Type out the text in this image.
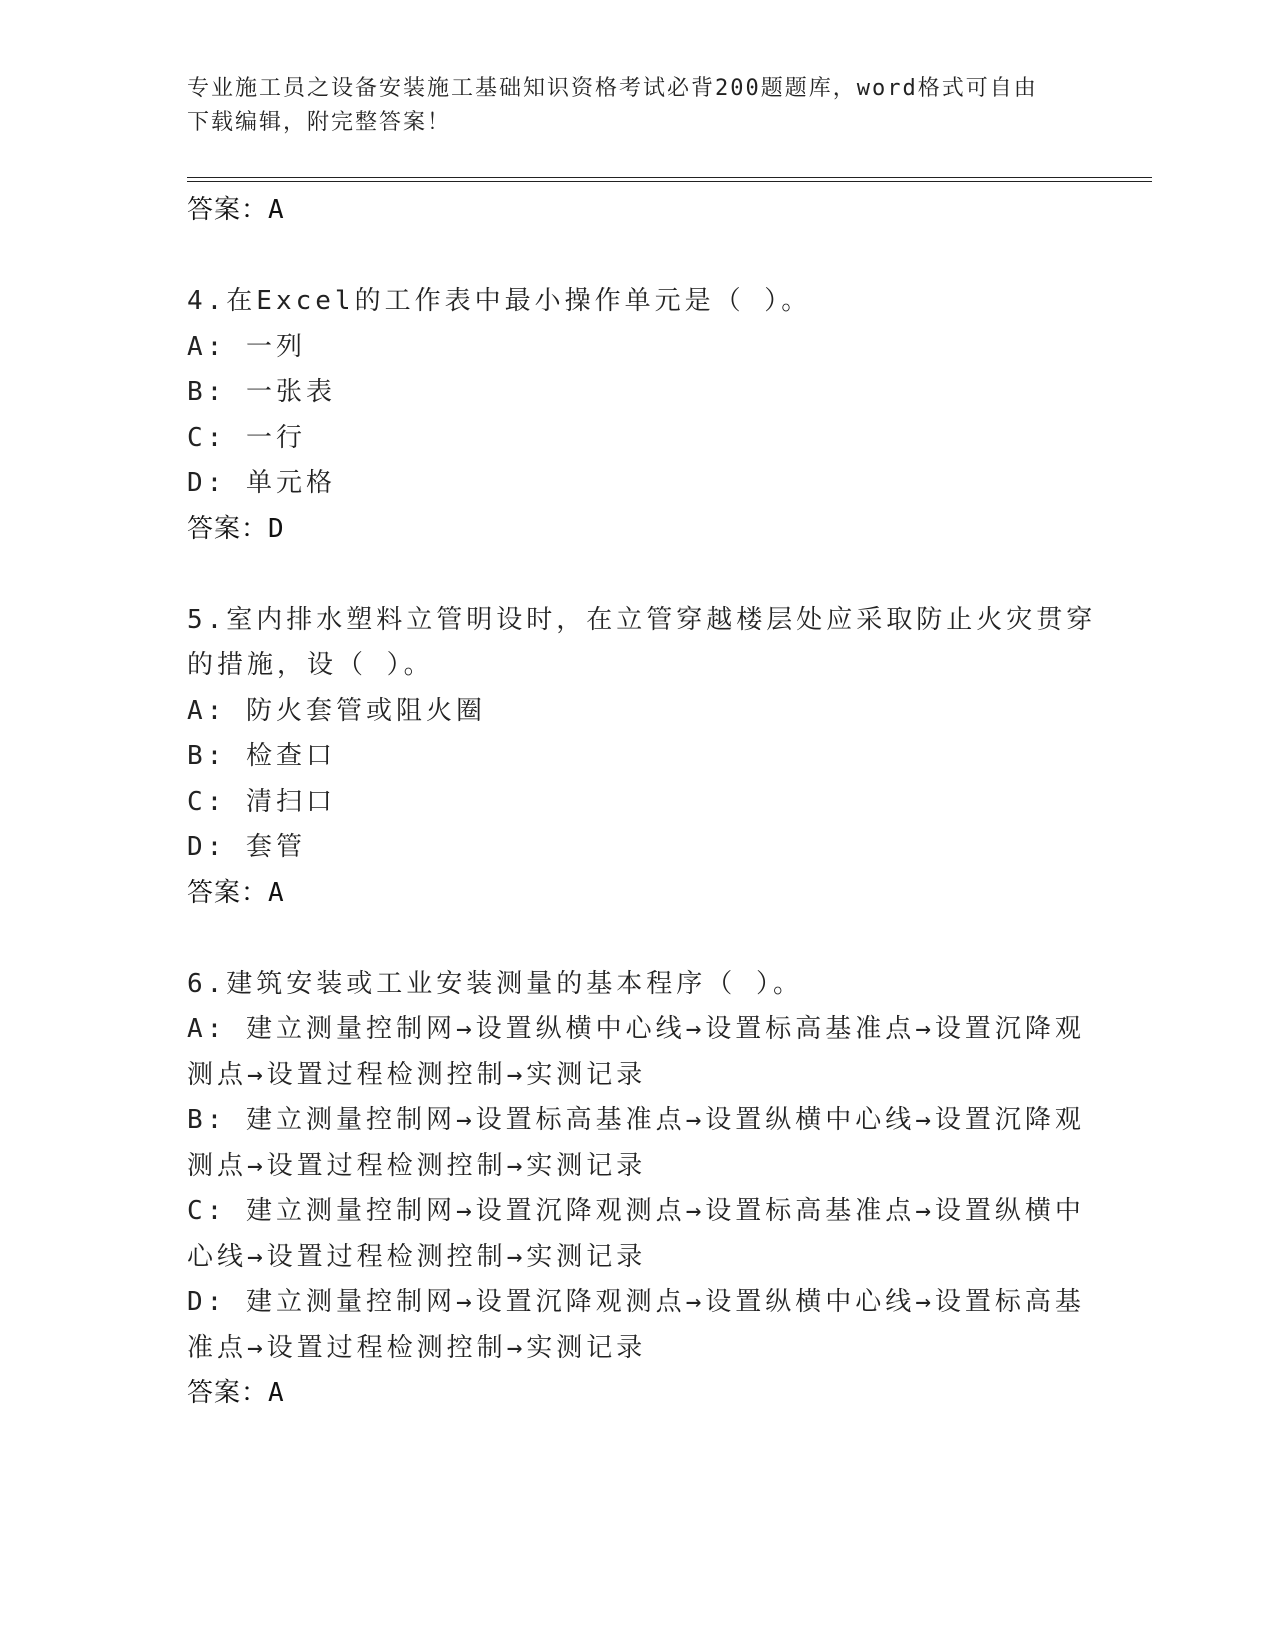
专业施工员之设备安装施工基础知识资格考试必背200题题库，word格式可自由
下载编辑，附完整答案！
答案：A
4.在Excel的工作表中最小操作单元是（ ）。
A: 一列
B: 一张表
C: 一行
D: 单元格
答案：D
5.室内排水塑料立管明设时，在立管穿越楼层处应采取防止火灾贯穿
的措施，设（ ）。
A: 防火套管或阻火圈
B: 检查口
C: 清扫口
D: 套管
答案：A
6.建筑安装或工业安装测量的基本程序（ ）。
A: 建立测量控制网→设置纵横中心线→设置标高基准点→设置沉降观
测点→设置过程检测控制→实测记录
B: 建立测量控制网→设置标高基准点→设置纵横中心线→设置沉降观
测点→设置过程检测控制→实测记录
C: 建立测量控制网→设置沉降观测点→设置标高基准点→设置纵横中
心线→设置过程检测控制→实测记录
D: 建立测量控制网→设置沉降观测点→设置纵横中心线→设置标高基
准点→设置过程检测控制→实测记录
答案：A
